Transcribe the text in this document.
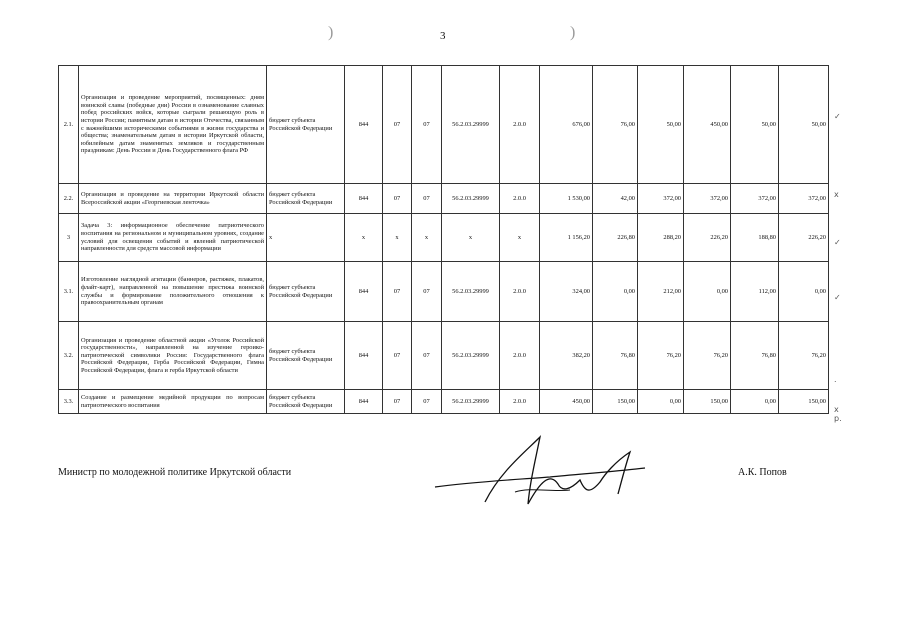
)	3	)
2.1.	Организация и проведение мероприятий, посвященных: дням воинской славы (победные дни) России в ознаменование славных побед российских войск, которые сыграли решающую роль в истории России; памятным датам в истории Отечества, связанным с важнейшими историческими событиями в жизни государства и общества; знаменательным датам в истории Иркутской области, юбилейным датам знаменитых земляков и государственным праздникам: День России и День Государственного флага РФ	бюджет субъекта Российской Федерации	844	07	07	56.2.03.29999	2.0.0	676,00	76,00	50,00	450,00	50,00	50,00
2.2.	Организация и проведение на территории Иркутской области Всероссийской акции «Георгиевская ленточка»	бюджет субъекта Российской Федерации	844	07	07	56.2.03.29999	2.0.0	1 530,00	42,00	372,00	372,00	372,00	372,00
3	Задача 3: информационное обеспечение патриотического воспитания на региональном и муниципальном уровнях, создание условий для освещения событий и явлений патриотической направленности для средств массовой информации	x	x	x	x	x	x	1 156,20	226,80	288,20	226,20	188,80	226,20
3.1.	Изготовление наглядной агитации (баннеров, растяжек, плакатов, флайт-карт), направленной на повышение престижа воинской службы и формирование положительного отношения к правоохранительным органам	бюджет субъекта Российской Федерации	844	07	07	56.2.03.29999	2.0.0	324,00	0,00	212,00	0,00	112,00	0,00
3.2.	Организация и проведение областной акции «Уголок Российской государственности», направленной на изучение героико-патриотической символики России: Государственного флага Российской Федерации, Герба Российской Федерации, Гимна Российской Федерации, флага и герба Иркутской области	бюджет субъекта Российской Федерации	844	07	07	56.2.03.29999	2.0.0	382,20	76,80	76,20	76,20	76,80	76,20
3.3.	Создание и размещение медийной продукции по вопросам патриотического воспитания	бюджет субъекта Российской Федерации	844	07	07	56.2.03.29999	2.0.0	450,00	150,00	0,00	150,00	0,00	150,00
✓
x
✓
✓
.
x
р.
Министр по молодежной политике Иркутской области	А.К. Попов
